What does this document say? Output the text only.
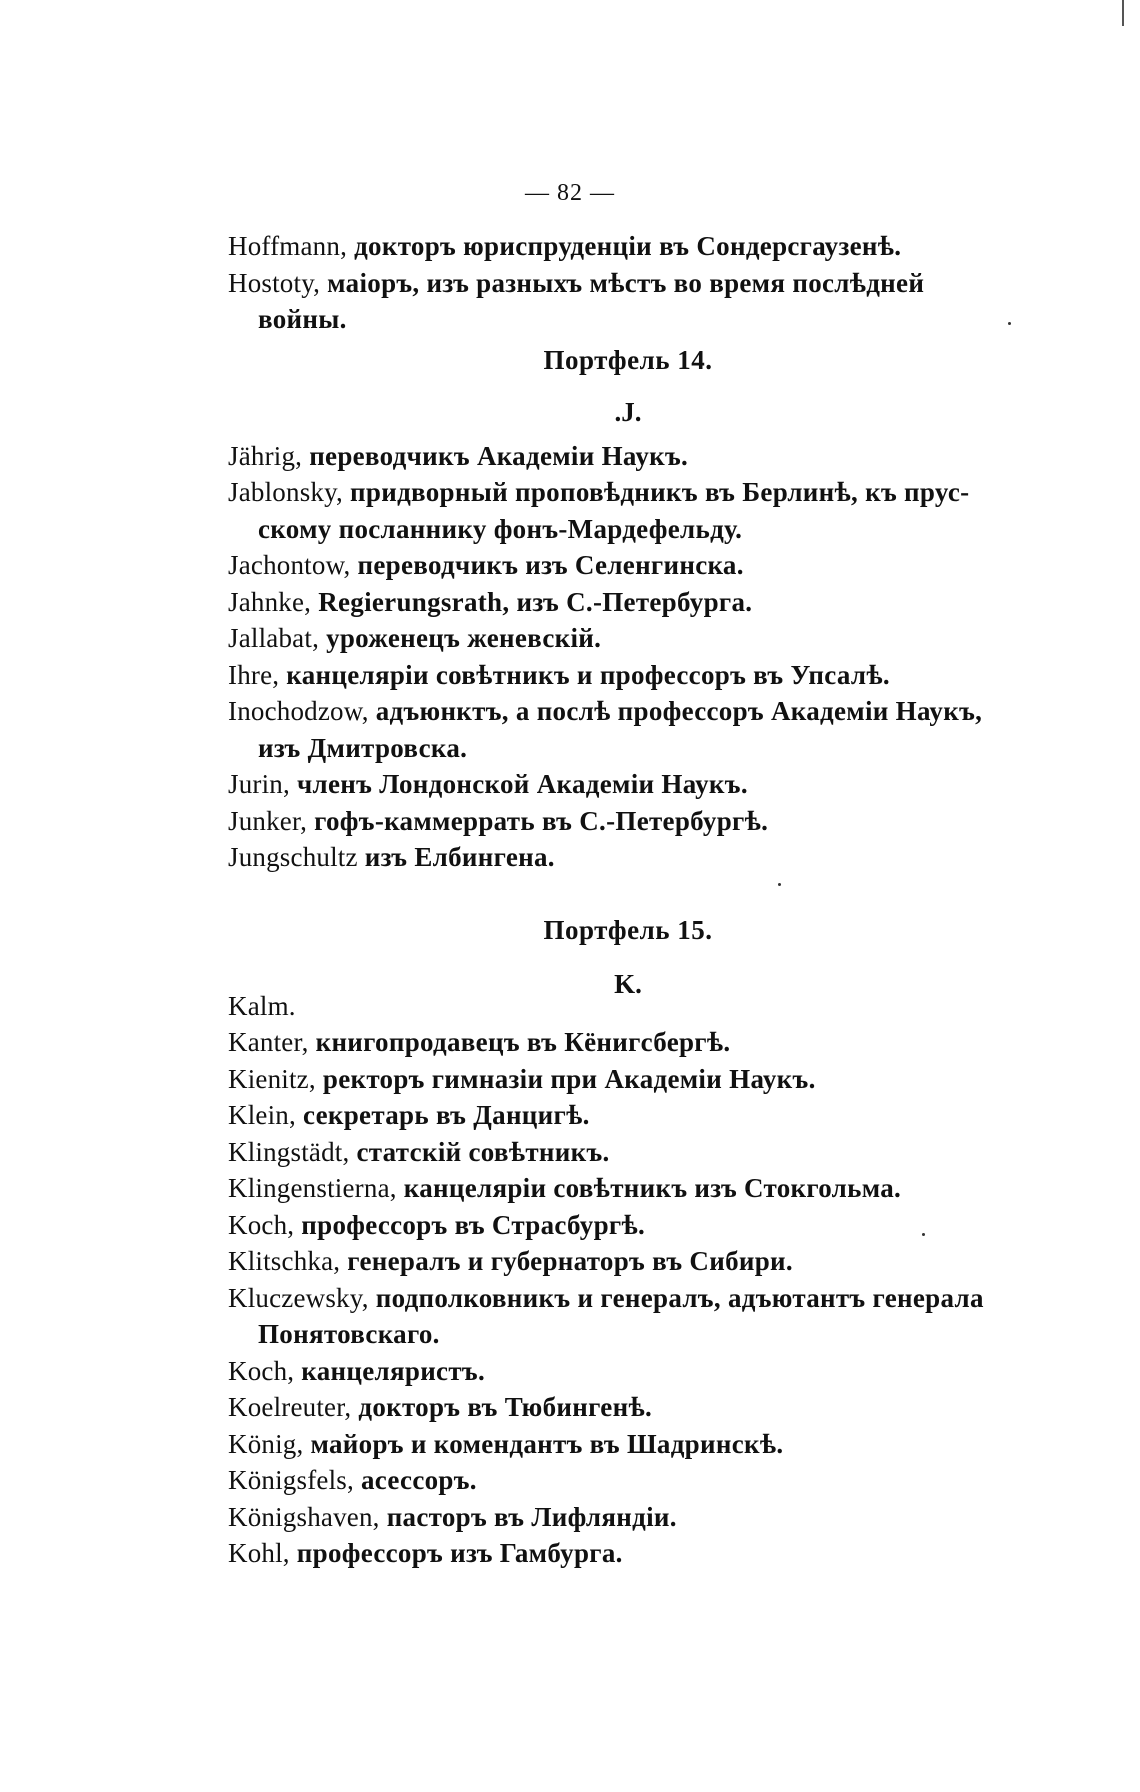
— 82 —
Hoffmann, докторъ юриспруденціи въ Сондерсгаузенѣ.
Hostoty, маіоръ, изъ разныхъ мѣстъ во время послѣдней
войны.
Портфель 14.
.J.
Jährig, переводчикъ Академіи Наукъ.
Jablonsky, придворный проповѣдникъ въ Берлинѣ, къ прус-
скому посланнику фонъ-Мардефельду.
Jachontow, переводчикъ изъ Селенгинска.
Jahnke, Regierungsrath, изъ С.-Петербурга.
Jallabat, уроженецъ женевскій.
Ihre, канцеляріи совѣтникъ и профессоръ въ Упсалѣ.
Inochodzow, адъюнктъ, а послѣ профессоръ Академіи Наукъ,
изъ Дмитровска.
Jurin, членъ Лондонской Академіи Наукъ.
Junker, гофъ-каммеррать въ С.-Петербургѣ.
Jungschultz изъ Елбингена.
Портфель 15.
K.
Kalm.
Kanter, книгопродавецъ въ Кёнигсбергѣ.
Kienitz, ректоръ гимназіи при Академіи Наукъ.
Klein, секретарь въ Данцигѣ.
Klingstädt, статскій совѣтникъ.
Klingenstierna, канцеляріи совѣтникъ изъ Стокгольма.
Koch, профессоръ въ Страсбургѣ.
Klitschka, генералъ и губернаторъ въ Сибири.
Kluczewsky, подполковникъ и генералъ, адъютантъ генерала
Понятовскаго.
Koch, канцеляристъ.
Koelreuter, докторъ въ Тюбингенѣ.
König, майоръ и комендантъ въ Шадринскѣ.
Königsfels, асессоръ.
Königshaven, пасторъ въ Лифляндіи.
Kohl, профессоръ изъ Гамбурга.
